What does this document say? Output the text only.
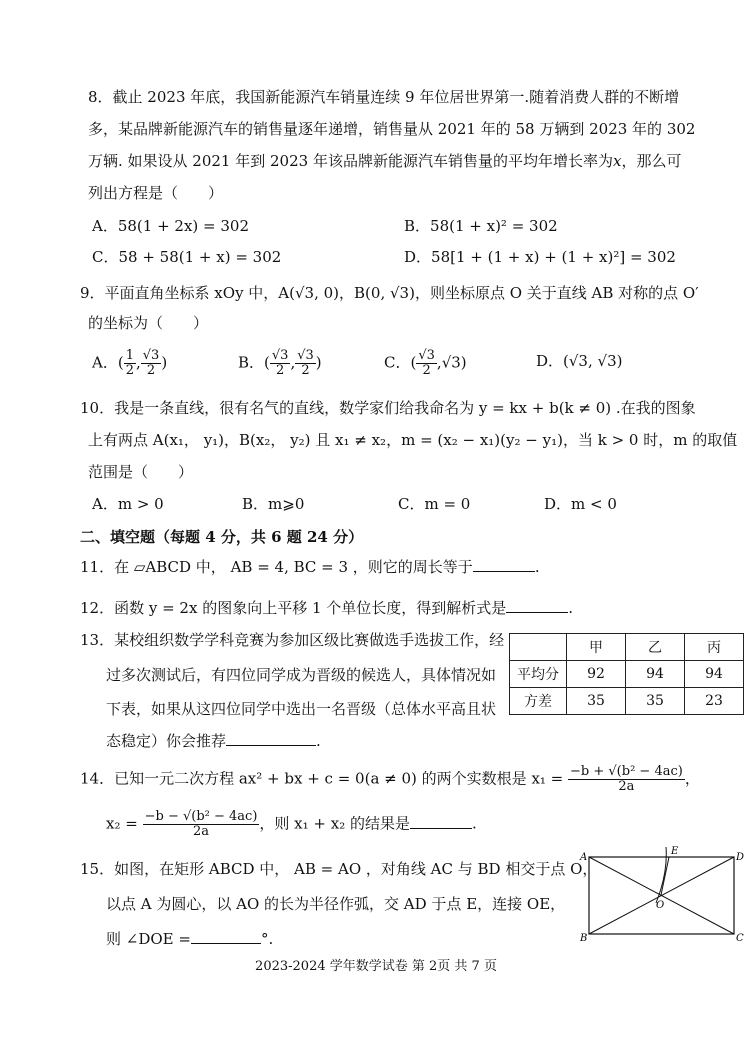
8．截止 2023 年底，我国新能源汽车销量连续 9 年位居世界第一.随着消费人群的不断增
多，某品牌新能源汽车的销售量逐年递增，销售量从 2021 年的 58 万辆到 2023 年的 302
万辆. 如果设从 2021 年到 2023 年该品牌新能源汽车销售量的平均年增长率为x，那么可
列出方程是（　　）
A．58(1 + 2x) = 302	B．58(1 + x)² = 302
C．58 + 58(1 + x) = 302	D．58[1 + (1 + x) + (1 + x)²] = 302
9．平面直角坐标系 xOy 中，A(√3, 0)，B(0, √3)，则坐标原点 O 关于直线 AB 对称的点 O′
的坐标为（　　）
A．( $\frac{1}{2}$ , $\frac{√3}{2}$ )	B．( $\frac{√3}{2}$ , $\frac{√3}{2}$ )	C．( $\frac{√3}{2} ,√3$)	D．(√3, √3)
10．我是一条直线，很有名气的直线，数学家们给我命名为 y = kx + b(k ≠ 0) .在我的图象
上有两点 A(x₁， y₁)，B(x₂， y₂) 且 x₁ ≠ x₂，m = (x₂ − x₁)(y₂ − y₁)，当 k > 0 时，m 的取值
范围是（　　）
A．m > 0	B．m⩾0	C．m = 0	D．m < 0
二、填空题（每题 4 分，共 6 题 24 分）
11．在 ▱ABCD 中， AB = 4, BC = 3 ，则它的周长等于	.
12．函数 y = 2x 的图象向上平移 1 个单位长度，得到解析式是	.
13．某校组织数学学科竞赛为参加区级比赛做选手选拔工作，经
过多次测试后，有四位同学成为晋级的候选人，具体情况如
下表，如果从这四位同学中选出一名晋级（总体水平高且状
态稳定）你会推荐	.
	甲	乙	丙
平均分	92	94	94
方差	35	35	23
14．已知一元二次方程 ax² + bx + c = 0(a ≠ 0) 的两个实数根是 $x_1 = \frac{\text{−b + √(b² − 4ac)}}{2a}$ ，
$x_2 = \frac{\text{−b − √(b² − 4ac)}}{2a}$ ，则 x₁ + x₂ 的结果是	.
15．如图，在矩形 ABCD 中， AB = AO ，对角线 AC 与 BD 相交于点 O，
以点 A 为圆心，以 AO 的长为半径作弧，交 AD 于点 E，连接 OE，
则 ∠DOE =	°.
A
B	C
D
E
O
2023-2024 学年数学试卷 第 2页 共 7 页
